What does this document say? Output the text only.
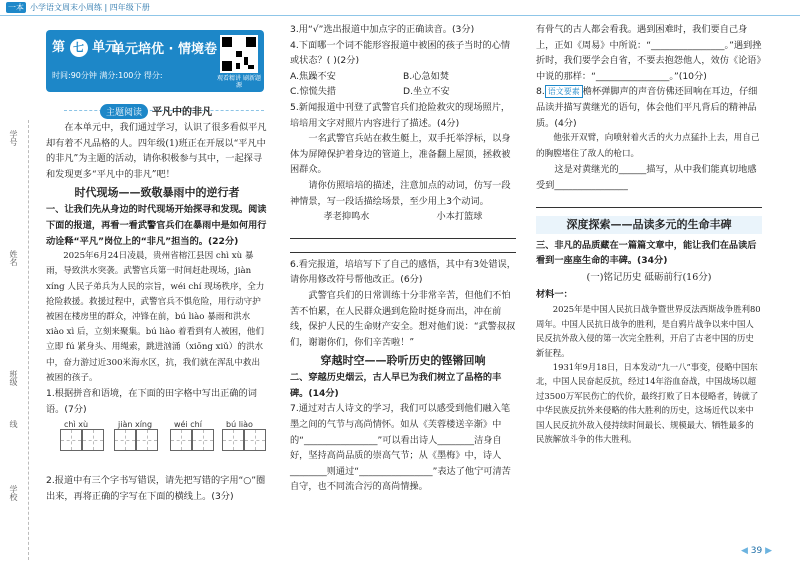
一本 小学语文周末小周练 | 四年级下册
学号
姓名
班级
线
学校
第 七 单元
单元培优 · 情境卷
时间:90分钟 满分:100分 得分:	观看精讲 刷新题源
主题阅读 平凡中的非凡

在本单元中，我们通过学习，认识了很多看似平凡却有着不凡品格的人。四年级(1)班正在开展以“平凡中的非凡”为主题的活动，请你积极参与其中，一起探寻和发现更多“平凡中的非凡”吧！

时代现场——致敬暴雨中的逆行者

一、让我们先从身边的时代现场开始探寻和发现。阅读下面的报道，再看一看武警官兵们在暴雨中是如何用行动诠释“平凡”岗位上的“非凡”担当的。(22分)

2025年6月24日凌晨，贵州省榕江县因 chì xù 暴雨，导致洪水突袭。武警官兵第一时间赶赴现场，jiàn xíng 人民子弟兵为人民的宗旨，wéi chí 现场秩序，全力抢险救援。救援过程中，武警官兵不惧危险，用行动守护被困在楼房里的群众，冲锋在前，bú liào 暴雨和洪水 xiào xì 后，立刻来聚集。bú liào 着看到有人被困，他们立即 fú 紧身头、用绳索，跳进汹涌（xiōng xiǔ）的洪水中，奋力游过近300米海水区，抗，我们就在浑乱中救出被困的孩子。

1.根据拼音和语境，在下面的田字格中写出正确的词语。(7分)

chì xù	jiàn xíng	wéi chí	bú liào

2.报道中有三个字书写错误，请先把写错的字用“○”圈出来，再将正确的字写在下面的横线上。(3分)

3.用“√”选出报道中加点字的正确读音。(3分)

4.下面哪一个词不能形容报道中被困的孩子当时的心情或状态？( )(2分)

A.焦躁不安	B.心急如焚
C.惊慌失措	D.坐立不安

5.新闻报道中刊登了武警官兵们抢险救灾的现场照片，培培用文字对照片内容进行了描述。(4分)

一名武警官兵站在救生艇上，双手托举浮标，以身体为屏障保护着身边的管道上，准备翻上屋顶，拯救被困群众。

请你仿照培培的描述，注意加点的动词，仿写一段神情景，写一段话描绘场景，至少用上3个动词。

孝老抑鸣水	小本打篮球

6.看完报道，培培写下了自己的感悟，其中有3处错误，请你用修改符号帮他改正。(6分)

武警官兵们的日常训练十分非常辛苦，但他们不怕苦不怕累，在人民群众遇到危险时挺身而出，冲在前线，保护人民的生命财产安全。想对他们说：“武警叔叔们，谢谢你们，你们辛苦啦！”

穿越时空——聆听历史的铿锵回响

二、穿越历史烟云，古人早已为我们树立了品格的丰碑。(14分)

7.通过对古人诗文的学习，我们可以感受到他们融入笔墨之间的气节与高尚情怀。如从《芙蓉楼送辛渐》中的“________________”可以看出诗人________洁身自好，坚持高尚品质的崇高气节；从《墨梅》中，诗人________则通过“________________”表达了他宁可清苦自守，也不同流合污的高尚情操。

有骨气的古人都会看我。遇到困难时，我们要自己身上，正如《周易》中所说：“________________。”遇到挫折时，我们要学会自省，不要去抱怨他人，效仿《论语》中说的那样：“________________。”(10分)

8. 语文要素 檐杯弹脚声的声音仿佛还回响在耳边，仔细品读并描写黄继光的语句，体会他们平凡背后的精神品质。(4分)

他张开双臂，向喷射着火舌的火力点猛扑上去，用自己的胸膛堵住了敌人的枪口。

这是对黄继光的______描写，从中我们能真切地感受到________________

深度探索——品读多元的生命丰碑

三、非凡的品质藏在一篇篇文章中，能让我们在品读后看到一座座生命的丰碑。(34分)

(一)铭记历史 砥砺前行(16分)

材料一：

2025年是中国人民抗日战争暨世界反法西斯战争胜利80周年。中国人民抗日战争的胜利，是自鸦片战争以来中国人民反抗外敌入侵的第一次完全胜利，开启了古老中国的历史新征程。

1931年9月18日，日本发动“九一八”事变，侵略中国东北，中国人民奋起反抗，经过14年浴血奋战，中国战场以超过3500万军民伤亡的代价，最终打败了日本侵略者，铸就了中华民族反抗外来侵略的伟大胜利的历史，这场近代以来中国人民反抗外敌入侵持续时间最长、规模最大、牺牲最多的民族解放斗争的伟大胜利。

◀ 39 ▶
